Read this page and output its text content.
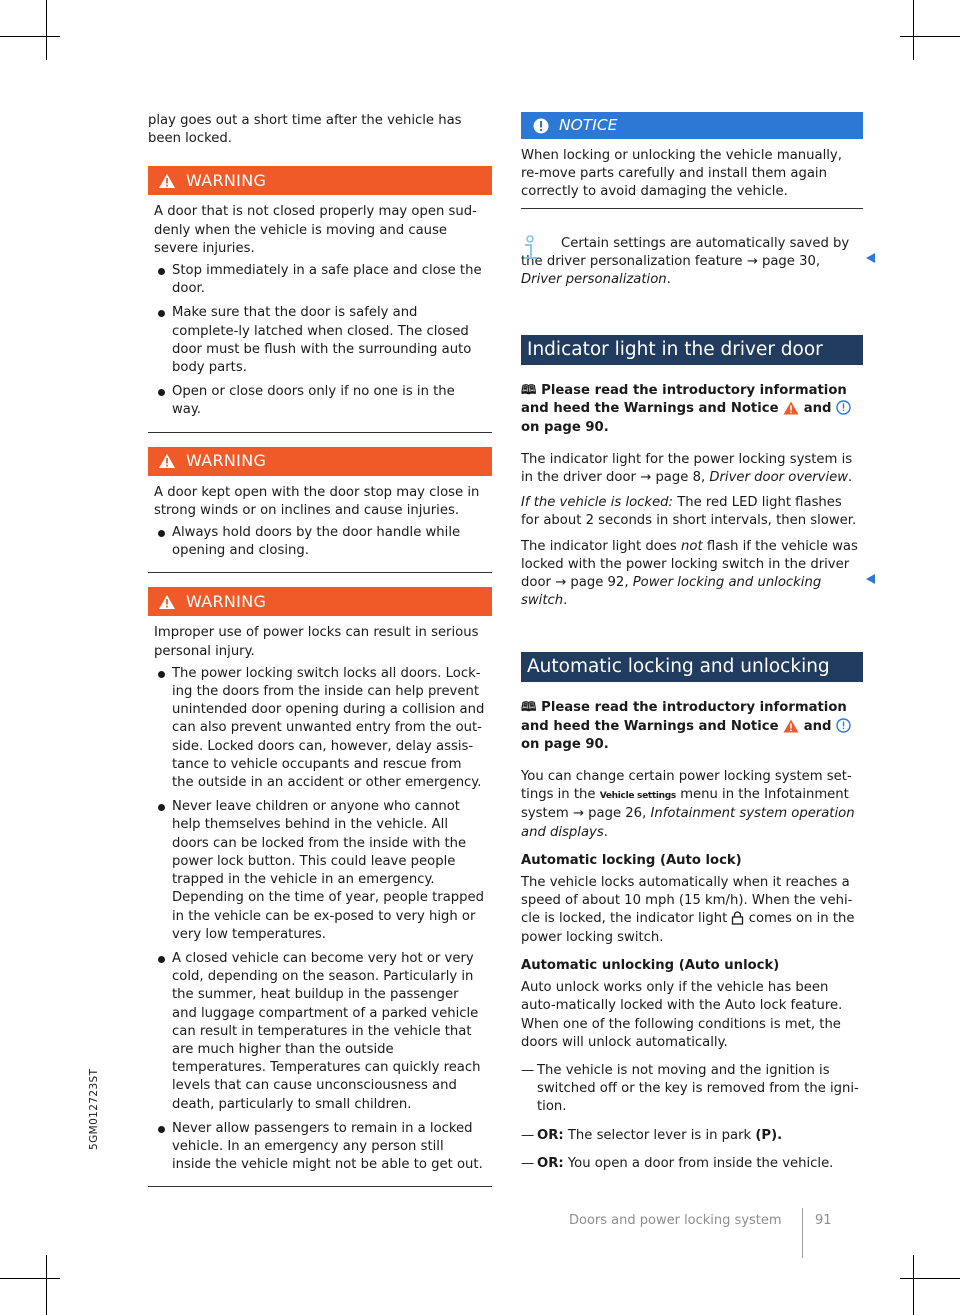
play goes out a short time after the vehicle has been locked.

WARNING

A door that is not closed properly may open sud-denly when the vehicle is moving and cause severe injuries.

Stop immediately in a safe place and close the door.
Make sure that the door is safely and complete-ly latched when closed. The closed door must be flush with the surrounding auto body parts.
Open or close doors only if no one is in the way.
WARNING

A door kept open with the door stop may close in strong winds or on inclines and cause injuries.

Always hold doors by the door handle while opening and closing.
WARNING

Improper use of power locks can result in serious personal injury.

The power locking switch locks all doors. Lock-ing the doors from the inside can help prevent unintended door opening during a collision and can also prevent unwanted entry from the out-side. Locked doors can, however, delay assis-tance to vehicle occupants and rescue from the outside in an accident or other emergency.
Never leave children or anyone who cannot help themselves behind in the vehicle. All doors can be locked from the inside with the power lock button. This could leave people trapped in the vehicle in an emergency. Depending on the time of year, people trapped in the vehicle can be ex-posed to very high or very low temperatures.
A closed vehicle can become very hot or very cold, depending on the season. Particularly in the summer, heat buildup in the passenger and luggage compartment of a parked vehicle can result in temperatures in the vehicle that are much higher than the outside temperatures. Temperatures can quickly reach levels that can cause unconsciousness and death, particularly to small children.
Never allow passengers to remain in a locked vehicle. In an emergency any person still inside the vehicle might not be able to get out.
NOTICE

When locking or unlocking the vehicle manually, re-move parts carefully and install them again correctly to avoid damaging the vehicle.

Certain settings are automatically saved by the driver personalization feature → page 30, Driver personalization.

Indicator light in the driver door

🕮 Please read the introductory information and heed the Warnings and Notice and  on page 90.

The indicator light for the power locking system is in the driver door → page 8, Driver door overview.

If the vehicle is locked: The red LED light flashes for about 2 seconds in short intervals, then slower.

The indicator light does not flash if the vehicle was locked with the power locking switch in the driver door → page 92, Power locking and unlocking switch.

Automatic locking and unlocking

🕮 Please read the introductory information and heed the Warnings and Notice and  on page 90.

You can change certain power locking system set-tings in the Vehicle settings menu in the Infotainment system → page 26, Infotainment system operation and displays.

Automatic locking (Auto lock)

The vehicle locks automatically when it reaches a speed of about 10 mph (15 km/h). When the vehi-cle is locked, the indicator light comes on in the power locking switch.

Automatic unlocking (Auto unlock)

Auto unlock works only if the vehicle has been auto-matically locked with the Auto lock feature. When one of the following conditions is met, the doors will unlock automatically.

— The vehicle is not moving and the ignition is switched off or the key is removed from the igni-tion.
— OR: The selector lever is in park (P).
— OR: You open a door from inside the vehicle.
5GM012723ST
Doors and power locking system	91
